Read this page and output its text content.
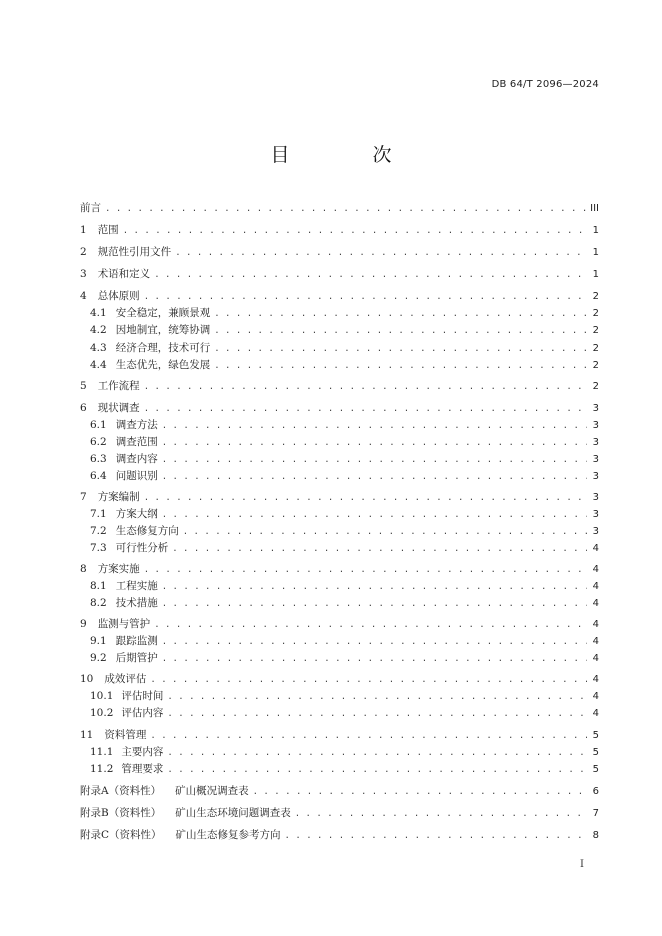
DB 64/T 2096—2024
目　次
前言 . . .	III
1 范围 . . .	1
2 规范性引用文件 . . .	1
3 术语和定义 . . .	1
4 总体原则 . . .	2
4.1 安全稳定，兼顾景观 . . .	2
4.2 因地制宜，统筹协调 . . .	2
4.3 经济合理，技术可行 . . .	2
4.4 生态优先，绿色发展 . . .	2
5 工作流程 . . .	2
6 现状调查 . . .	3
6.1 调查方法 . . .	3
6.2 调查范围 . . .	3
6.3 调查内容 . . .	3
6.4 问题识别 . . .	3
7 方案编制 . . .	3
7.1 方案大纲 . . .	3
7.2 生态修复方向 . . .	3
7.3 可行性分析 . . .	4
8 方案实施 . . .	4
8.1 工程实施 . . .	4
8.2 技术措施 . . .	4
9 监测与管护 . . .	4
9.1 跟踪监测 . . .	4
9.2 后期管护 . . .	4
10 成效评估 . . .	4
10.1 评估时间 . . .	4
10.2 评估内容 . . .	4
11 资料管理 . . .	5
11.1 主要内容 . . .	5
11.2 管理要求 . . .	5
附录A（资料性） 矿山概况调查表 . . .	6
附录B（资料性） 矿山生态环境问题调查表 . . .	7
附录C（资料性） 矿山生态修复参考方向 . . .	8
I
